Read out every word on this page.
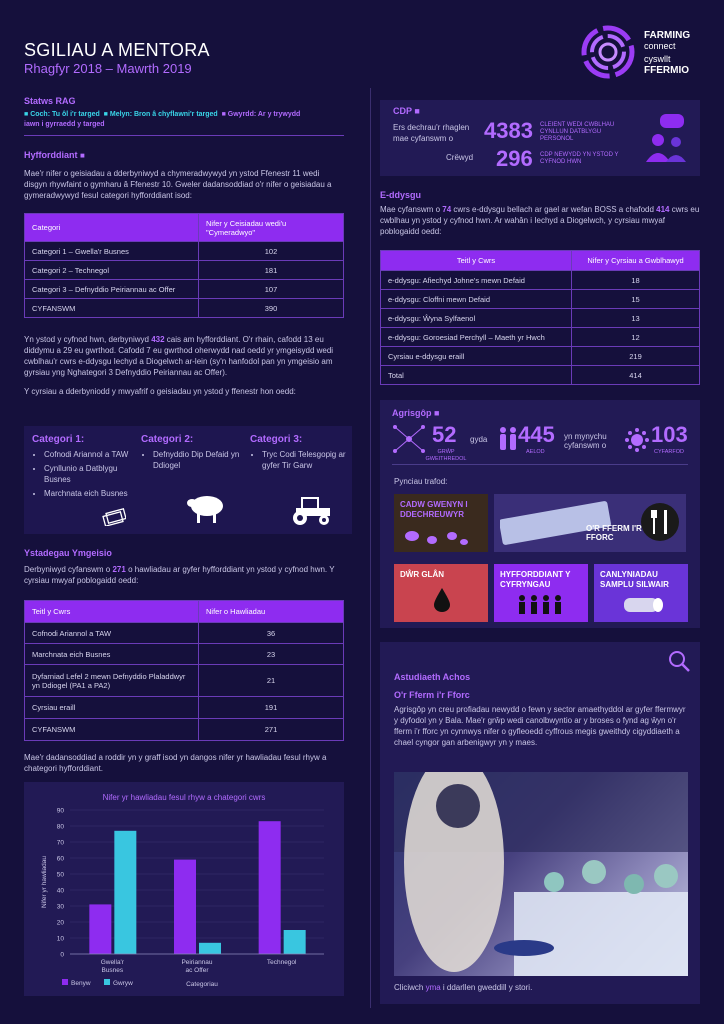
SGILIAU A MENTORA
Rhagfyr 2018 – Mawrth 2019
FARMING
connect
cyswllt
FFERMIO
Statws RAG
■ Coch: Tu ôl i'r targed ■ Melyn: Bron â chyflawni'r targed ■ Gwyrdd: Ar y trywydd
iawn i gyrraedd y targed
Hyfforddiant ■

Mae'r nifer o geisiadau a dderbyniwyd a chymeradwywyd yn ystod Ffenestr 11 wedi disgyn rhywfaint o gymharu â Ffenestr 10. Gweler dadansoddiad o'r nifer o geisiadau a gymeradwywyd fesul categori hyfforddiant isod:

Categori	Nifer y Ceisiadau wedi'u "Cymeradwyo"
Categori 1 – Gwella'r Busnes	102
Categori 2 – Technegol	181
Categori 3 – Defnyddio Peiriannau ac Offer	107
CYFANSWM	390

Yn ystod y cyfnod hwn, derbyniwyd 432 cais am hyfforddiant. O'r rhain, cafodd 13 eu diddymu a 29 eu gwrthod. Cafodd 7 eu gwrthod oherwydd nad oedd yr ymgeisydd wedi cwblhau'r cwrs e-ddysgu Iechyd a Diogelwch ar-lein (sy'n hanfodol pan yn ymgeisio am gyrsiau yng Nghategori 3 Defnyddio Peiriannau ac Offer).

Y cyrsiau a dderbyniodd y mwyafrif o geisiadau yn ystod y ffenestr hon oedd:

Categori 1:
• Cofnodi Ariannol a TAW
• Cynllunio a Datblygu Busnes
• Marchnata eich Busnes
Categori 2:
• Defnyddio Dip Defaid yn Ddiogel
Categori 3:
• Tryc Codi Telesgopig ar gyfer Tir Garw
Ystadegau Ymgeisio

Derbyniwyd cyfanswm o 271 o hawliadau ar gyfer hyfforddiant yn ystod y cyfnod hwn. Y cyrsiau mwyaf poblogaidd oedd:

Teitl y Cwrs	Nifer o Hawliadau
Cofnodi Ariannol a TAW	36
Marchnata eich Busnes	23
Dyfarniad Lefel 2 mewn Defnyddio Plaladdwyr yn Ddiogel (PA1 a PA2)	21
Cyrsiau eraill	191
CYFANSWM	271

Mae'r dadansoddiad a roddir yn y graff isod yn dangos nifer yr hawliadau fesul rhyw a chategori hyfforddiant.

Nifer yr hawliadau fesul rhyw a chategori cwrs
0
10
20
30
40
50
60
70
80
90
Nifer yr hawliadau
Gwella'r Busnes
Peiriannau ac Offer
Technegol
Categoriau
Benyw	Gwryw
CDP ■
Ers dechrau'r rhaglen mae cyfanswm o	4383 CLEIENT WEDI CWBLHAU CYNLLUN DATBLYGU PERSONOL
Crëwyd 296 CDP NEWYDD YN YSTOD Y CYFNOD HWN
E-ddysgu

Mae cyfanswm o 74 cwrs e-ddysgu bellach ar gael ar wefan BOSS a chafodd 414 cwrs eu cwblhau yn ystod y cyfnod hwn. Ar wahân i Iechyd a Diogelwch, y cyrsiau mwyaf poblogaidd oedd:

Teitl y Cwrs	Nifer y Cyrsiau a Gwblhawyd
e-ddysgu: Afiechyd Johne's mewn Defaid	18
e-ddysgu: Cloffni mewn Defaid	15
e-ddysgu: Ŵyna Sylfaenol	13
e-ddysgu: Goroesiad Perchyll – Maeth yr Hwch	12
Cyrsiau e-ddysgu eraill	219
Total	414
Agrisgôp ■
52
GRŴP GWEITHREDOL
gyda 445
AELOD
yn mynychu cyfanswm o	103
CYFARFOD
Pynciau trafod:
CADW GWENYN I DDECHREUWYR
O'R FFERM I'R FFORC
DŴR GLÂN	HYFFORDDIANT Y CYFRYNGAU
CANLYNIADAU SAMPLU SILWAIR
Astudiaeth Achos
O'r Fferm i'r Fforc

Agrisgôp yn creu profiadau newydd o fewn y sector amaethyddol ar gyfer ffermwyr y dyfodol yn y Bala. Mae'r grŵp wedi canolbwyntio ar y broses o fynd ag ŵyn o'r fferm i'r fforc yn cynnwys nifer o gyfleoedd cyffrous megis gweithdy cigyddiaeth a chael cyngor gan arbenigwyr yn y maes.

Cliciwch yma i ddarllen gweddill y stori.
